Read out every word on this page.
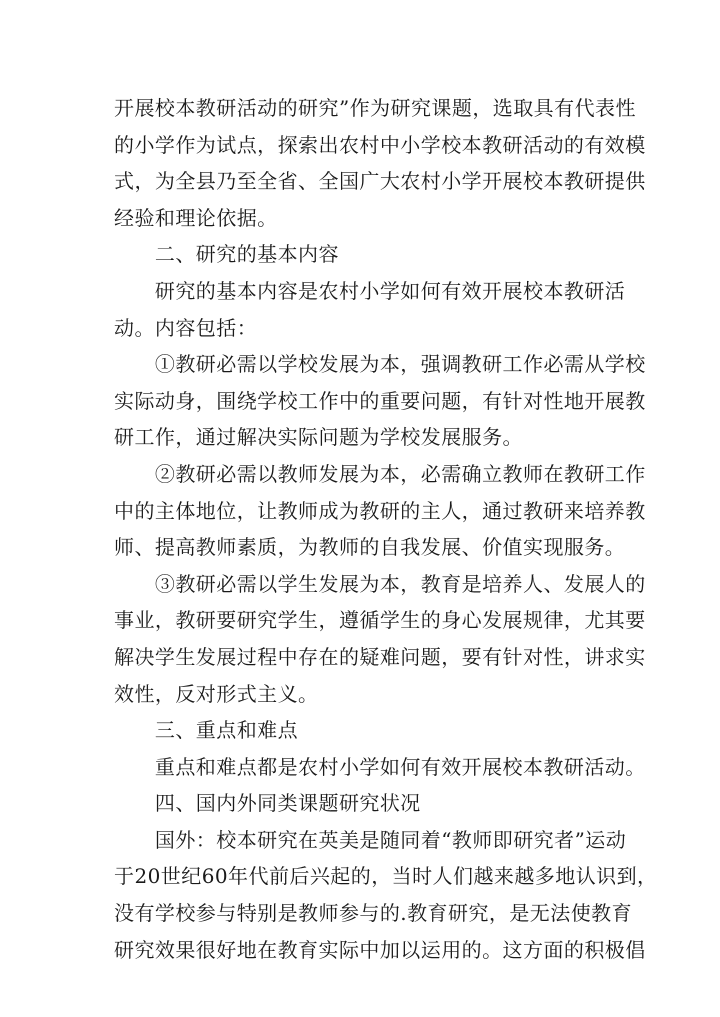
开展校本教研活动的研究”作为研究课题，选取具有代表性

的小学作为试点，探索出农村中小学校本教研活动的有效模

式，为全县乃至全省、全国广大农村小学开展校本教研提供

经验和理论依据。

　　二、研究的基本内容

　　研究的基本内容是农村小学如何有效开展校本教研活

动。内容包括：

　　①教研必需以学校发展为本，强调教研工作必需从学校

实际动身，围绕学校工作中的重要问题，有针对性地开展教

研工作，通过解决实际问题为学校发展服务。

　　②教研必需以教师发展为本，必需确立教师在教研工作

中的主体地位，让教师成为教研的主人，通过教研来培养教

师、提高教师素质，为教师的自我发展、价值实现服务。

　　③教研必需以学生发展为本，教育是培养人、发展人的

事业，教研要研究学生，遵循学生的身心发展规律，尤其要

解决学生发展过程中存在的疑难问题，要有针对性，讲求实

效性，反对形式主义。

　　三、重点和难点

　　重点和难点都是农村小学如何有效开展校本教研活动。

　　四、国内外同类课题研究状况

　　国外：校本研究在英美是随同着“教师即研究者”运动

于20世纪60年代前后兴起的，当时人们越来越多地认识到，

没有学校参与特别是教师参与的.教育研究，是无法使教育

研究效果很好地在教育实际中加以运用的。这方面的积极倡
